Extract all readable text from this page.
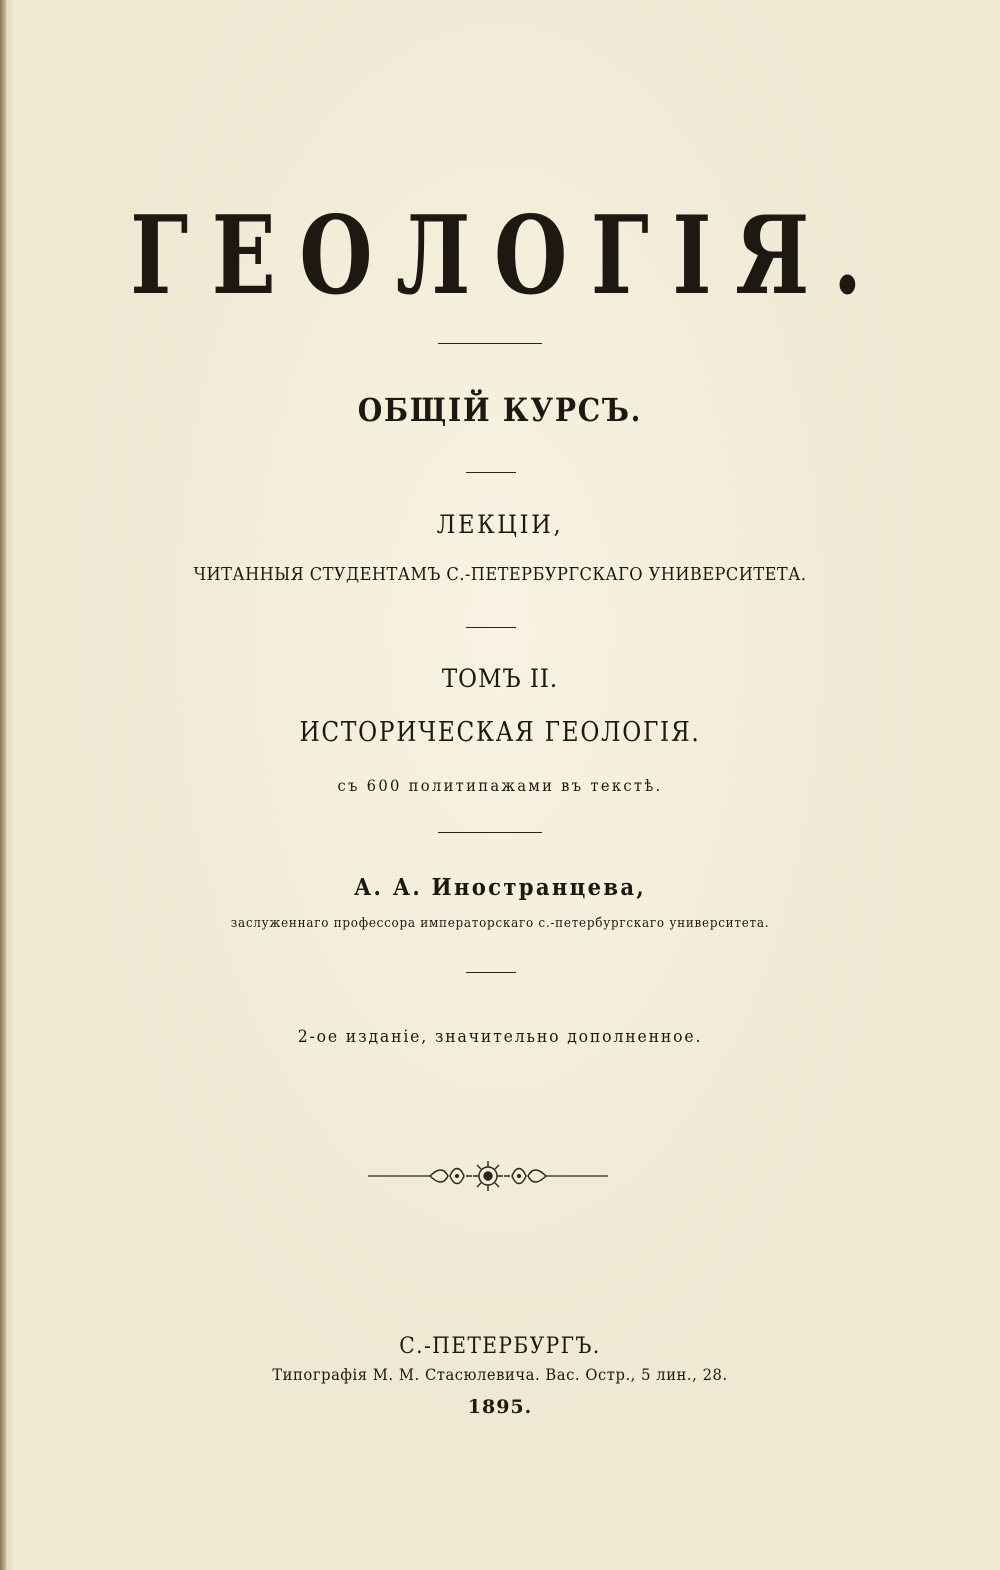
ГЕОЛОГІЯ.
ОБЩІЙ КУРСЪ.
ЛЕКЦІИ,
ЧИТАННЫЯ СТУДЕНТАМЪ С.-ПЕТЕРБУРГСКАГО УНИВЕРСИТЕТА.
ТОМЪ II.
ИСТОРИЧЕСКАЯ ГЕОЛОГІЯ.
съ 600 политипажами въ текстѣ.
А. А. Иностранцева,
заслуженнаго профессора императорскаго с.-петербургскаго университета.
2-ое изданіе, значительно дополненное.
С.-ПЕТЕРБУРГЪ.
Типографія М. М. Стасюлевича. Вас. Остр., 5 лин., 28.
1895.
